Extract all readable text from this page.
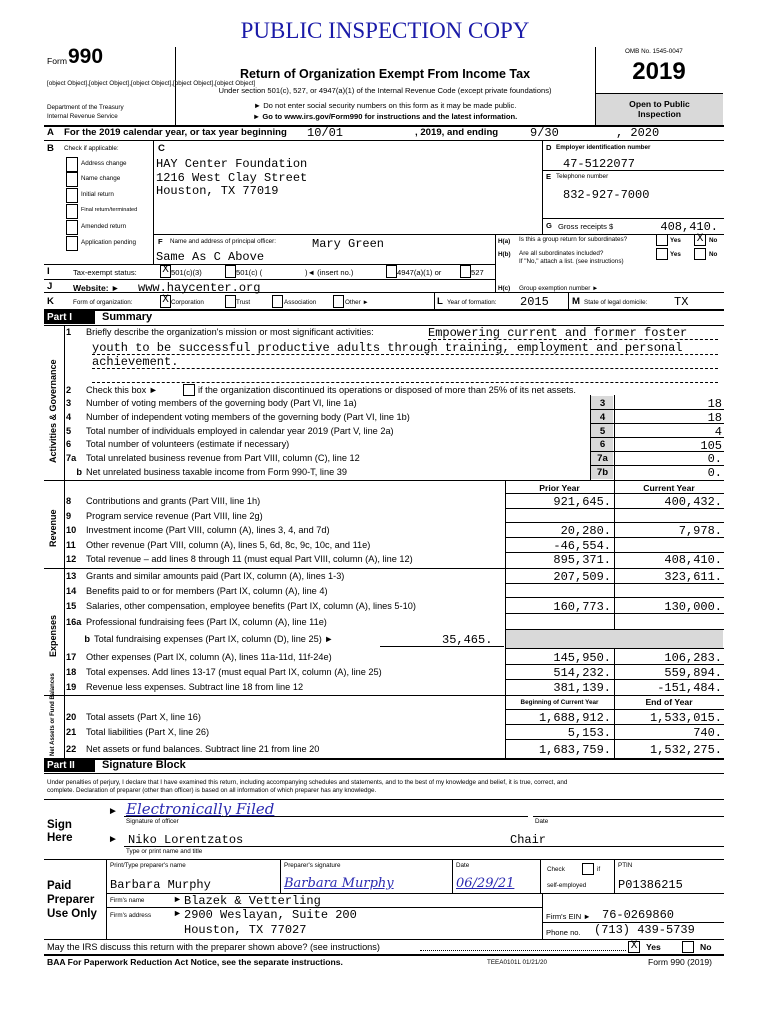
PUBLIC INSPECTION COPY
Form 990
[object Object],[object Object],[object Object],[object Object],[object Object]
Department of the Treasury
Internal Revenue Service
Return of Organization Exempt From Income Tax
Under section 501(c), 527, or 4947(a)(1) of the Internal Revenue Code (except private foundations)
► Do not enter social security numbers on this form as it may be made public.
► Go to www.irs.gov/Form990 for instructions and the latest information.
OMB No. 1545-0047
2019
Open to Public
Inspection
A For the 2019 calendar year, or tax year beginning 10/01	, 2019, and ending	9/30	, 2020
B Check if applicable:
Address change
Name change
Initial return
Final return/terminated
Amended return
Application pending
C
HAY Center Foundation
1216 West Clay Street
Houston, TX 77019
D Employer identification number
47-5122077
E Telephone number
832-927-7000
G Gross receipts $	408,410.
F Name and address of principal officer:	Mary Green
Same As C Above
H(a) Is this a group return for subordinates?	Yes X No
H(b) Are all subordinates included?
If "No," attach a list. (see instructions)
Yes	No
I	Tax-exempt status: X 501(c)(3)	501(c) (	)◄ (insert no.)	4947(a)(1) or	527
J Website: ► www.haycenter.org	H(c) Group exemption number ►
K	Form of organization:	X Corporation	Trust	Association	Other ►	L Year of formation: 2015 M State of legal domicile: TX
Part I	Summary
Activities & Governance
Revenue
Expenses
Net Assets or Fund Balances
1 Briefly describe the organization's mission or most significant activities:	Empowering current and former foster
youth to be successful productive adults through training, employment and personal
achievement.
2 Check this box ►	if the organization discontinued its operations or disposed of more than 25% of its net assets.
3 Number of voting members of the governing body (Part VI, line 1a)	3	18
4 Number of independent voting members of the governing body (Part VI, line 1b)	4	18
5 Total number of individuals employed in calendar year 2019 (Part V, line 2a)	5	4
6 Total number of volunteers (estimate if necessary)	6	105
7a Total unrelated business revenue from Part VIII, column (C), line 12	7a	0.
b Net unrelated business taxable income from Form 990-T, line 39	7b	0.
Prior Year	Current Year
8 Contributions and grants (Part VIII, line 1h)	921,645.	400,432.
9 Program service revenue (Part VIII, line 2g)
10 Investment income (Part VIII, column (A), lines 3, 4, and 7d)	20,280.	7,978.
11 Other revenue (Part VIII, column (A), lines 5, 6d, 8c, 9c, 10c, and 11e)	-46,554.
12 Total revenue – add lines 8 through 11 (must equal Part VIII, column (A), line 12)	895,371.	408,410.
13 Grants and similar amounts paid (Part IX, column (A), lines 1-3)	207,509.	323,611.
14 Benefits paid to or for members (Part IX, column (A), line 4)
15 Salaries, other compensation, employee benefits (Part IX, column (A), lines 5-10)	160,773.	130,000.
16a Professional fundraising fees (Part IX, column (A), line 11e)
b Total fundraising expenses (Part IX, column (D), line 25) ►	35,465.
17 Other expenses (Part IX, column (A), lines 11a-11d, 11f-24e)	145,950.	106,283.
18 Total expenses. Add lines 13-17 (must equal Part IX, column (A), line 25)	514,232.	559,894.
19 Revenue less expenses. Subtract line 18 from line 12	381,139.	-151,484.
Beginning of Current Year	End of Year
20 Total assets (Part X, line 16)	1,688,912.	1,533,015.
21 Total liabilities (Part X, line 26)	5,153.	740.
22 Net assets or fund balances. Subtract line 21 from line 20	1,683,759.	1,532,275.
Part II	Signature Block
Under penalties of perjury, I declare that I have examined this return, including accompanying schedules and statements, and to the best of my knowledge and belief, it is true, correct, and
complete. Declaration of preparer (other than officer) is based on all information of which preparer has any knowledge.
Sign
Here
► Electronically Filed
Signature of officer	Date
► Niko Lorentzatos	Chair
Type or print name and title
Paid
Preparer
Use Only
Print/Type preparer's name	Preparer's signature	Date
Check	if
PTIN
self-employed
Barbara Murphy	Barbara Murphy	06/29/21	P01386215
Firm's name	► Blazek & Vetterling
Firm's address ► 2900 Weslayan, Suite 200
Houston, TX 77027
Firm's EIN ► 76-0269860
Phone no. (713) 439-5739
May the IRS discuss this return with the preparer shown above? (see instructions)	X	Yes	No
BAA For Paperwork Reduction Act Notice, see the separate instructions.	TEEA0101L 01/21/20	Form 990 (2019)
